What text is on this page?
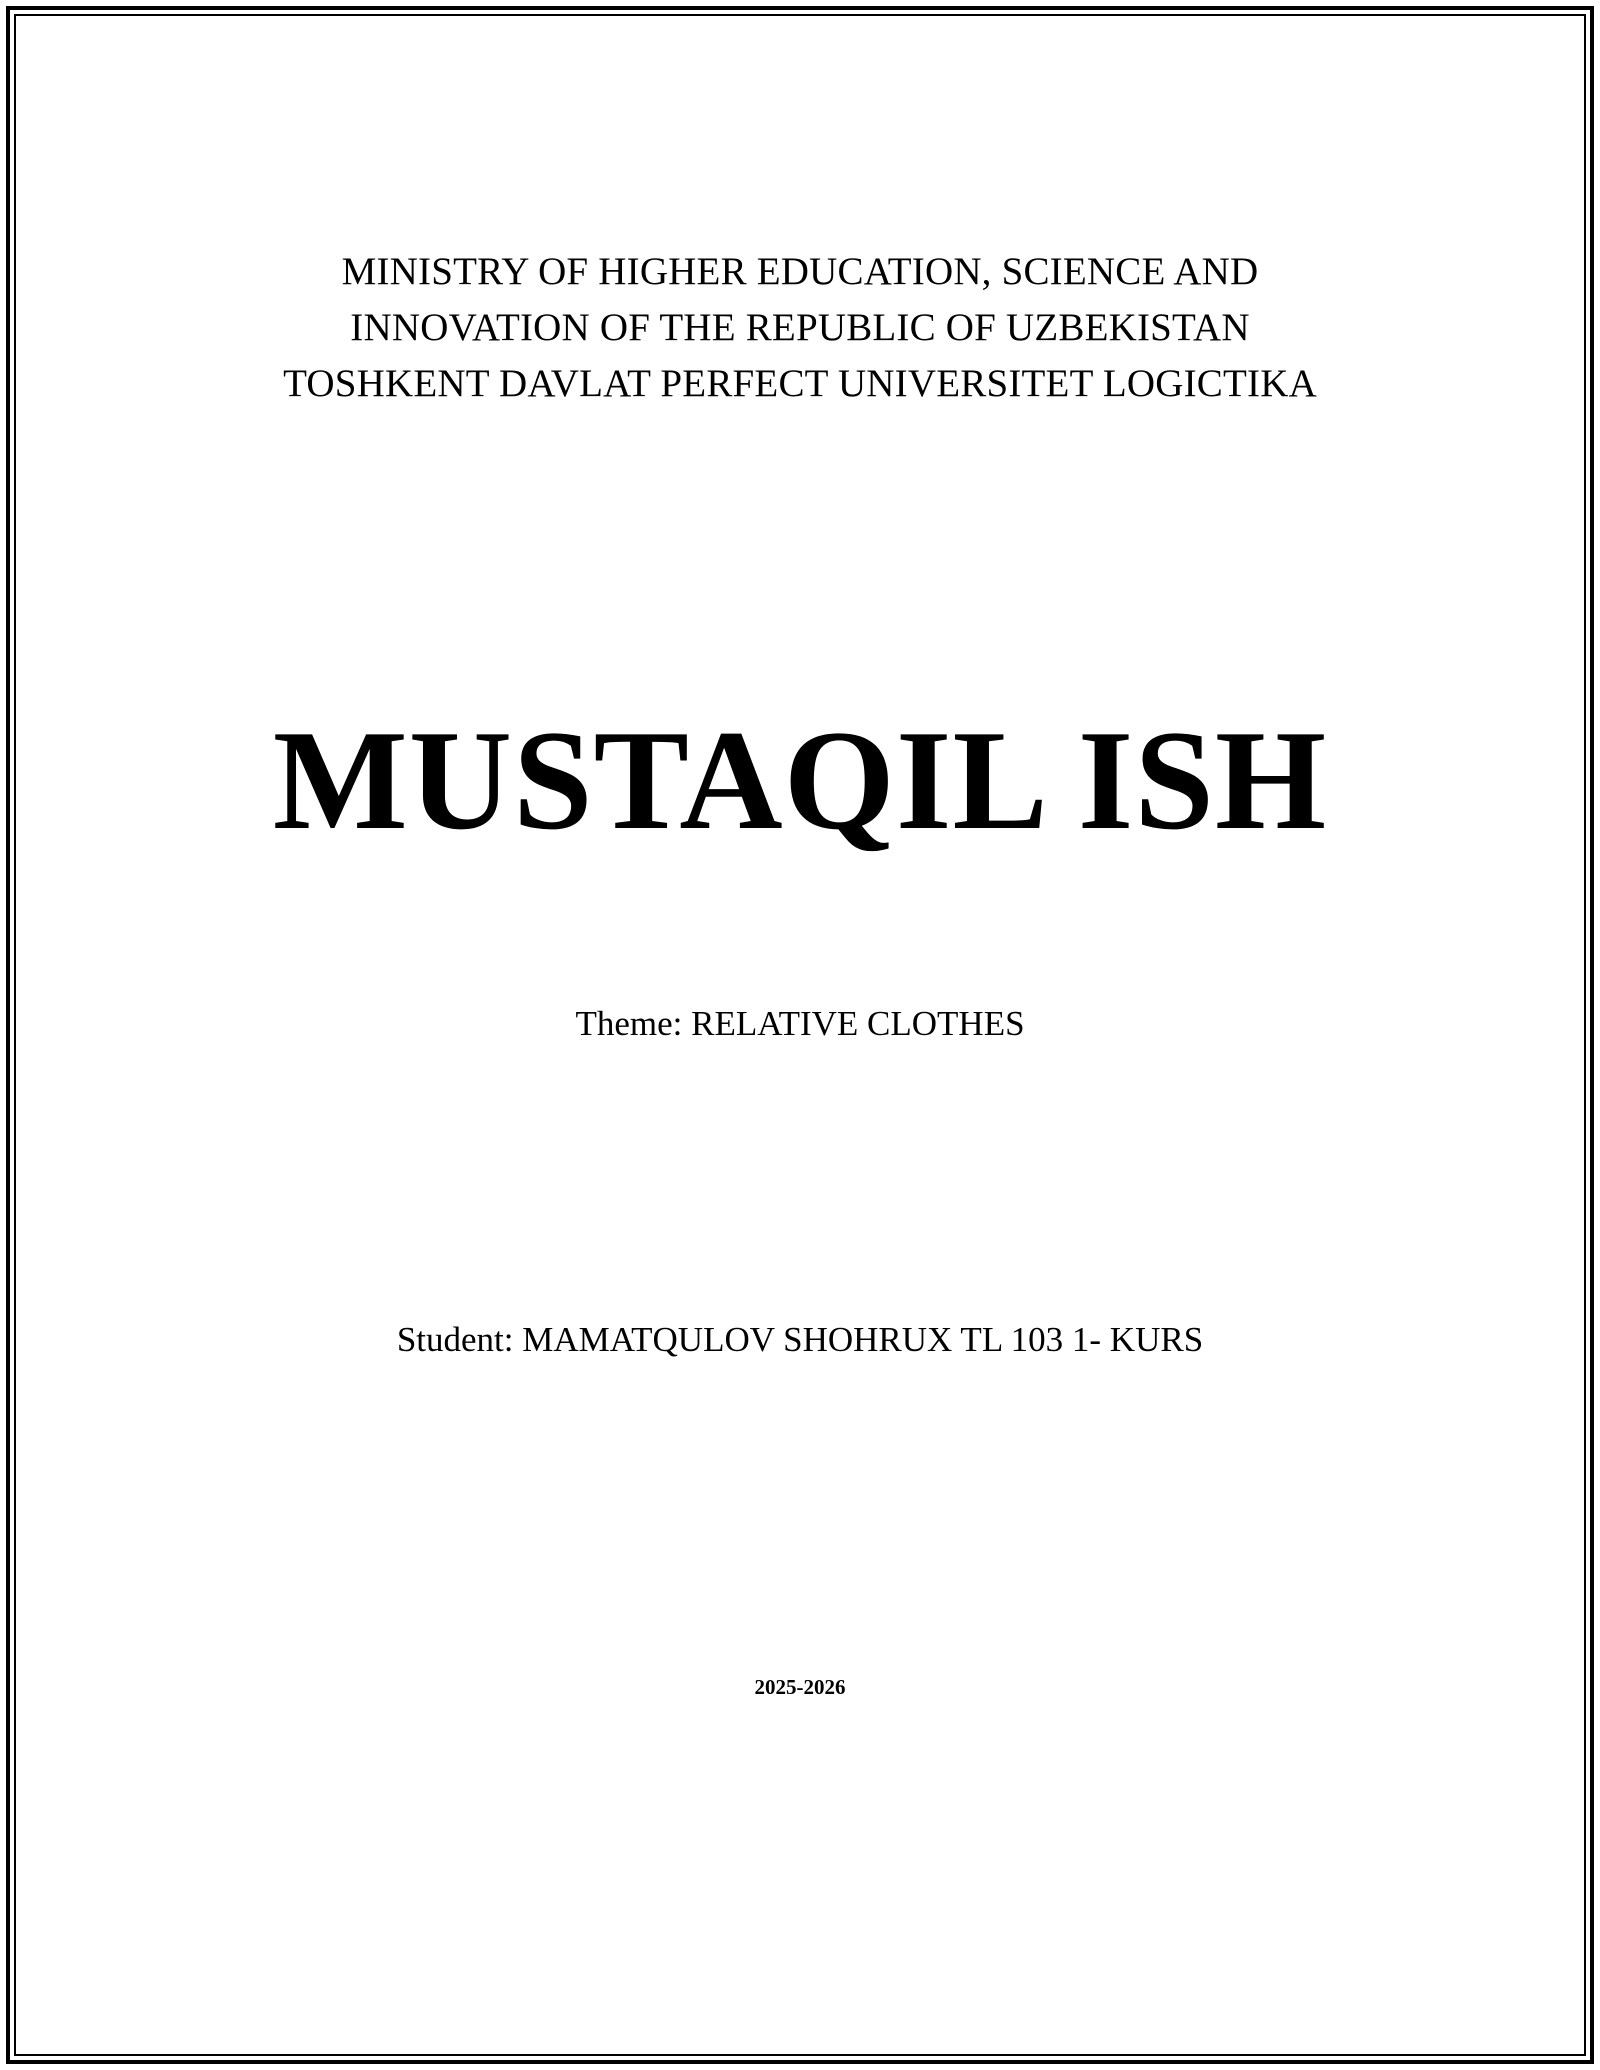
MINISTRY OF HIGHER EDUCATION, SCIENCE AND
INNOVATION OF THE REPUBLIC OF UZBEKISTAN
TOSHKENT DAVLAT PERFECT UNIVERSITET LOGICTIKA
MUSTAQIL ISH
Theme: RELATIVE CLOTHES
Student: MAMATQULOV SHOHRUX TL 103 1- KURS
2025-2026
